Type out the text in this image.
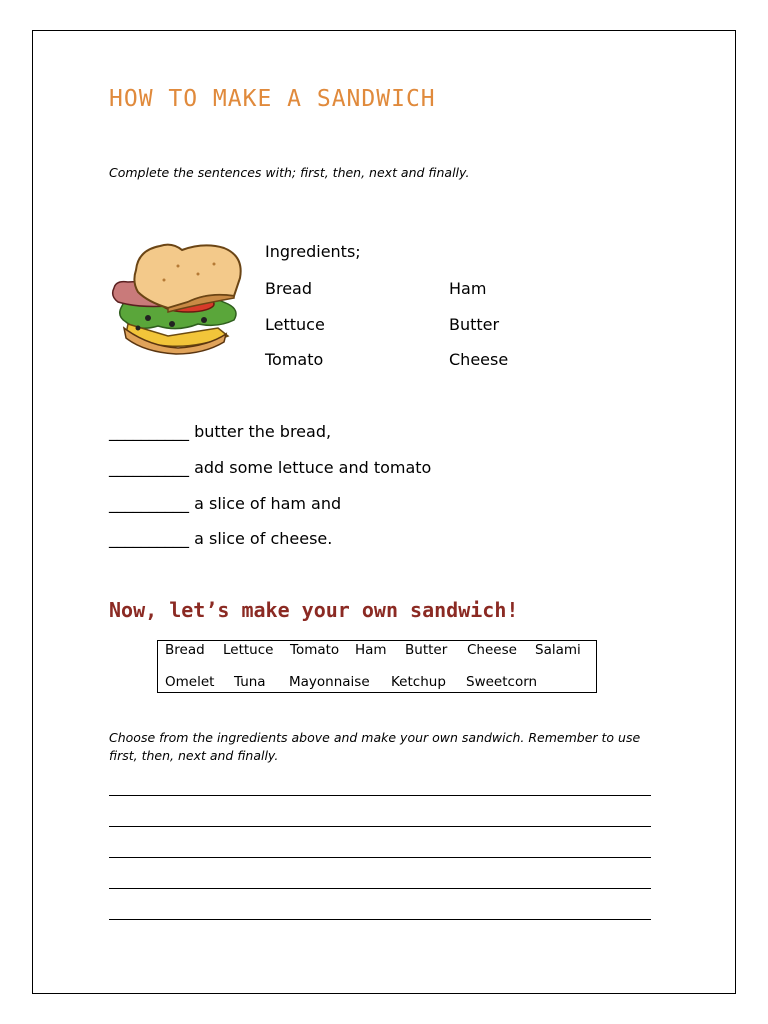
HOW TO MAKE A SANDWICH
Complete the sentences with; first, then, next and finally.
Ingredients;
Bread
Lettuce
Tomato
Ham
Butter
Cheese
__________ butter the bread,
__________ add some lettuce and tomato
__________ a slice of ham and
__________ a slice of cheese.
Now, let’s make your own sandwich!
Bread Lettuce Tomato Ham Butter Cheese Salami
Omelet Tuna Mayonnaise Ketchup Sweetcorn
Choose from the ingredients above and make your own sandwich. Remember to use
first, then, next and finally.
